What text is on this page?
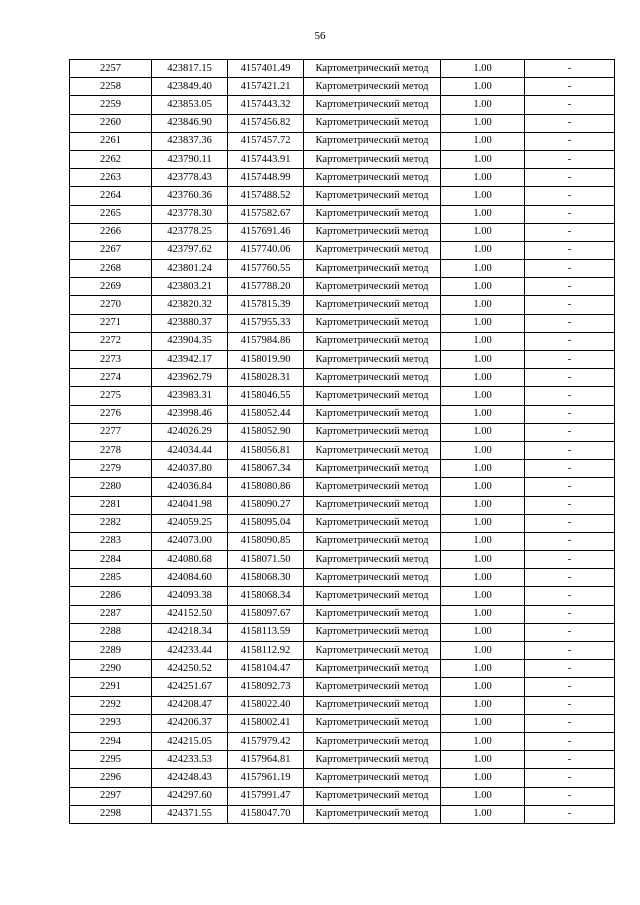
56
2257	423817.15	4157401.49	Картометрический метод	1.00	-
2258	423849.40	4157421.21	Картометрический метод	1.00	-
2259	423853.05	4157443.32	Картометрический метод	1.00	-
2260	423846.90	4157456.82	Картометрический метод	1.00	-
2261	423837.36	4157457.72	Картометрический метод	1.00	-
2262	423790.11	4157443.91	Картометрический метод	1.00	-
2263	423778.43	4157448.99	Картометрический метод	1.00	-
2264	423760.36	4157488.52	Картометрический метод	1.00	-
2265	423778.30	4157582.67	Картометрический метод	1.00	-
2266	423778.25	4157691.46	Картометрический метод	1.00	-
2267	423797.62	4157740.06	Картометрический метод	1.00	-
2268	423801.24	4157760.55	Картометрический метод	1.00	-
2269	423803.21	4157788.20	Картометрический метод	1.00	-
2270	423820.32	4157815.39	Картометрический метод	1.00	-
2271	423880.37	4157955.33	Картометрический метод	1.00	-
2272	423904.35	4157984.86	Картометрический метод	1.00	-
2273	423942.17	4158019.90	Картометрический метод	1.00	-
2274	423962.79	4158028.31	Картометрический метод	1.00	-
2275	423983.31	4158046.55	Картометрический метод	1.00	-
2276	423998.46	4158052.44	Картометрический метод	1.00	-
2277	424026.29	4158052.90	Картометрический метод	1.00	-
2278	424034.44	4158056.81	Картометрический метод	1.00	-
2279	424037.80	4158067.34	Картометрический метод	1.00	-
2280	424036.84	4158080.86	Картометрический метод	1.00	-
2281	424041.98	4158090.27	Картометрический метод	1.00	-
2282	424059.25	4158095.04	Картометрический метод	1.00	-
2283	424073.00	4158090.85	Картометрический метод	1.00	-
2284	424080.68	4158071.50	Картометрический метод	1.00	-
2285	424084.60	4158068.30	Картометрический метод	1.00	-
2286	424093.38	4158068.34	Картометрический метод	1.00	-
2287	424152.50	4158097.67	Картометрический метод	1.00	-
2288	424218.34	4158113.59	Картометрический метод	1.00	-
2289	424233.44	4158112.92	Картометрический метод	1.00	-
2290	424250.52	4158104.47	Картометрический метод	1.00	-
2291	424251.67	4158092.73	Картометрический метод	1.00	-
2292	424208.47	4158022.40	Картометрический метод	1.00	-
2293	424206.37	4158002.41	Картометрический метод	1.00	-
2294	424215.05	4157979.42	Картометрический метод	1.00	-
2295	424233.53	4157964.81	Картометрический метод	1.00	-
2296	424248.43	4157961.19	Картометрический метод	1.00	-
2297	424297.60	4157991.47	Картометрический метод	1.00	-
2298	424371.55	4158047.70	Картометрический метод	1.00	-
